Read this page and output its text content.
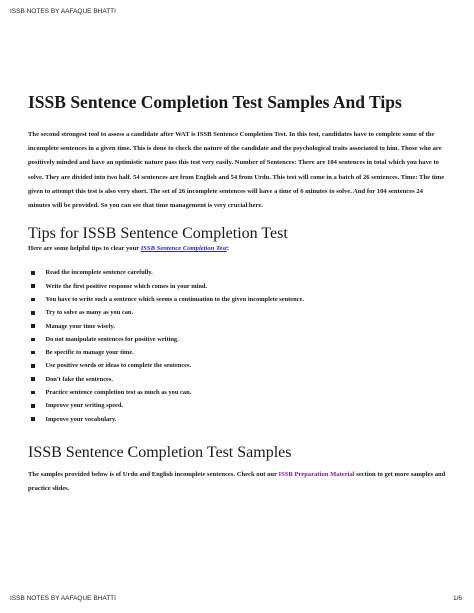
ISSB NOTES BY AAFAQUE BHATTI
ISSB Sentence Completion Test Samples And Tips

The second strongest tool to assess a candidate after WAT is ISSB Sentence Completion Test. In this test, candidates have to complete some of the incomplete sentences in a given time. This is done to check the nature of the candidate and the psychological traits associated to him. Those who are positively minded and have an optimistic nature pass this test very easily. Number of Sentences: There are 104 sentences in total which you have to solve. They are divided into two half. 54 sentences are from English and 54 from Urdu. This test will come in a batch of 26 sentences. Time: The time given to attempt this test is also very short. The set of 26 incomplete sentences will have a time of 6 minutes to solve. And for 104 sentences 24 minutes will be provided. So you can see that time management is very crucial here.

Tips for ISSB Sentence Completion Test

Here are some helpful tips to clear your ISSB Sentence Completion Test:

Read the incomplete sentence carefully.
Write the first positive response which comes in your mind.
You have to write such a sentence which seems a continuation to the given incomplete sentence.
Try to solve as many as you can.
Manage your time wisely.
Do not manipulate sentences for positive writing.
Be specific to manage your time.
Use positive words or ideas to complete the sentences.
Don't fake the sentences.
Practice sentence completion test as much as you can.
Improve your writing speed.
Improve your vocabulary.
ISSB Sentence Completion Test Samples

The samples provided below is of Urdu and English incomplete sentences. Check out our ISSB Preparation Material section to get more samples and practice slides.

ISSB NOTES BY AAFAQUE BHATTI	1/6
